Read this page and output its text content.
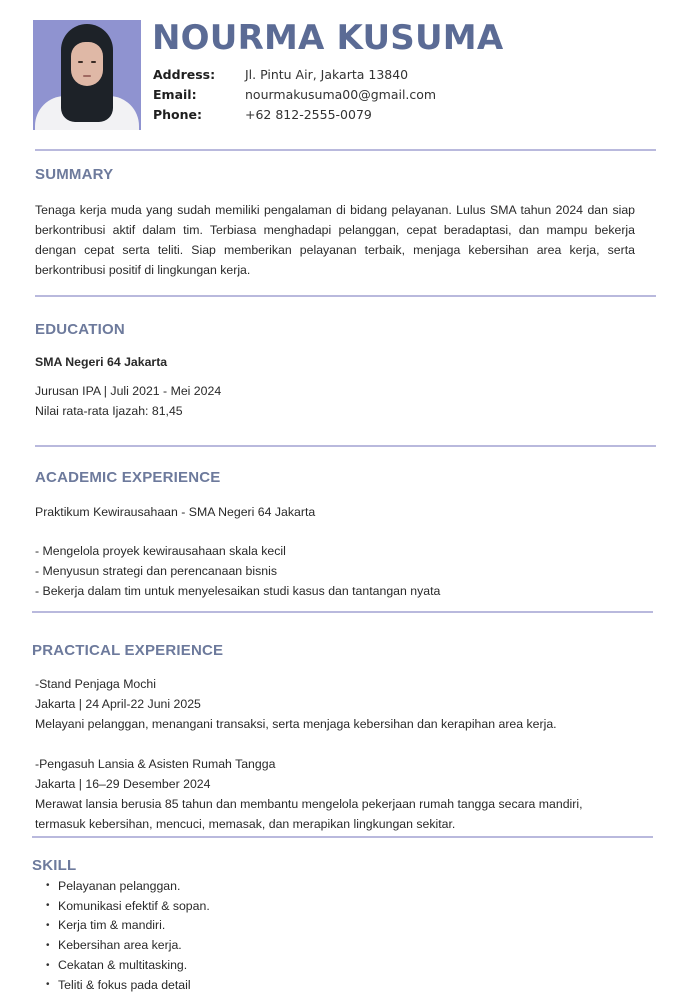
NOURMA KUSUMA
Address:	Jl. Pintu Air, Jakarta 13840
Email:	nourmakusuma00@gmail.com
Phone:	+62 812-2555-0079
SUMMARY
Tenaga kerja muda yang sudah memiliki pengalaman di bidang pelayanan. Lulus SMA tahun 2024 dan siap berkontribusi aktif dalam tim. Terbiasa menghadapi pelanggan, cepat beradaptasi, dan mampu bekerja dengan cepat serta teliti. Siap memberikan pelayanan terbaik, menjaga kebersihan area kerja, serta berkontribusi positif di lingkungan kerja.
EDUCATION
SMA Negeri 64 Jakarta
Jurusan IPA | Juli 2021 - Mei 2024
Nilai rata-rata Ijazah: 81,45
ACADEMIC EXPERIENCE
Praktikum Kewirausahaan - SMA Negeri 64 Jakarta
- Mengelola proyek kewirausahaan skala kecil
- Menyusun strategi dan perencanaan bisnis
- Bekerja dalam tim untuk menyelesaikan studi kasus dan tantangan nyata
PRACTICAL EXPERIENCE
-Stand Penjaga Mochi
Jakarta | 24 April-22 Juni 2025
Melayani pelanggan, menangani transaksi, serta menjaga kebersihan dan kerapihan area kerja.
-Pengasuh Lansia & Asisten Rumah Tangga
Jakarta | 16–29 Desember 2024
Merawat lansia berusia 85 tahun dan membantu mengelola pekerjaan rumah tangga secara mandiri,
termasuk kebersihan, mencuci, memasak, dan merapikan lingkungan sekitar.
SKILL
• Pelayanan pelanggan.
• Komunikasi efektif & sopan.
• Kerja tim & mandiri.
• Kebersihan area kerja.
• Cekatan & multitasking.
• Teliti & fokus pada detail
